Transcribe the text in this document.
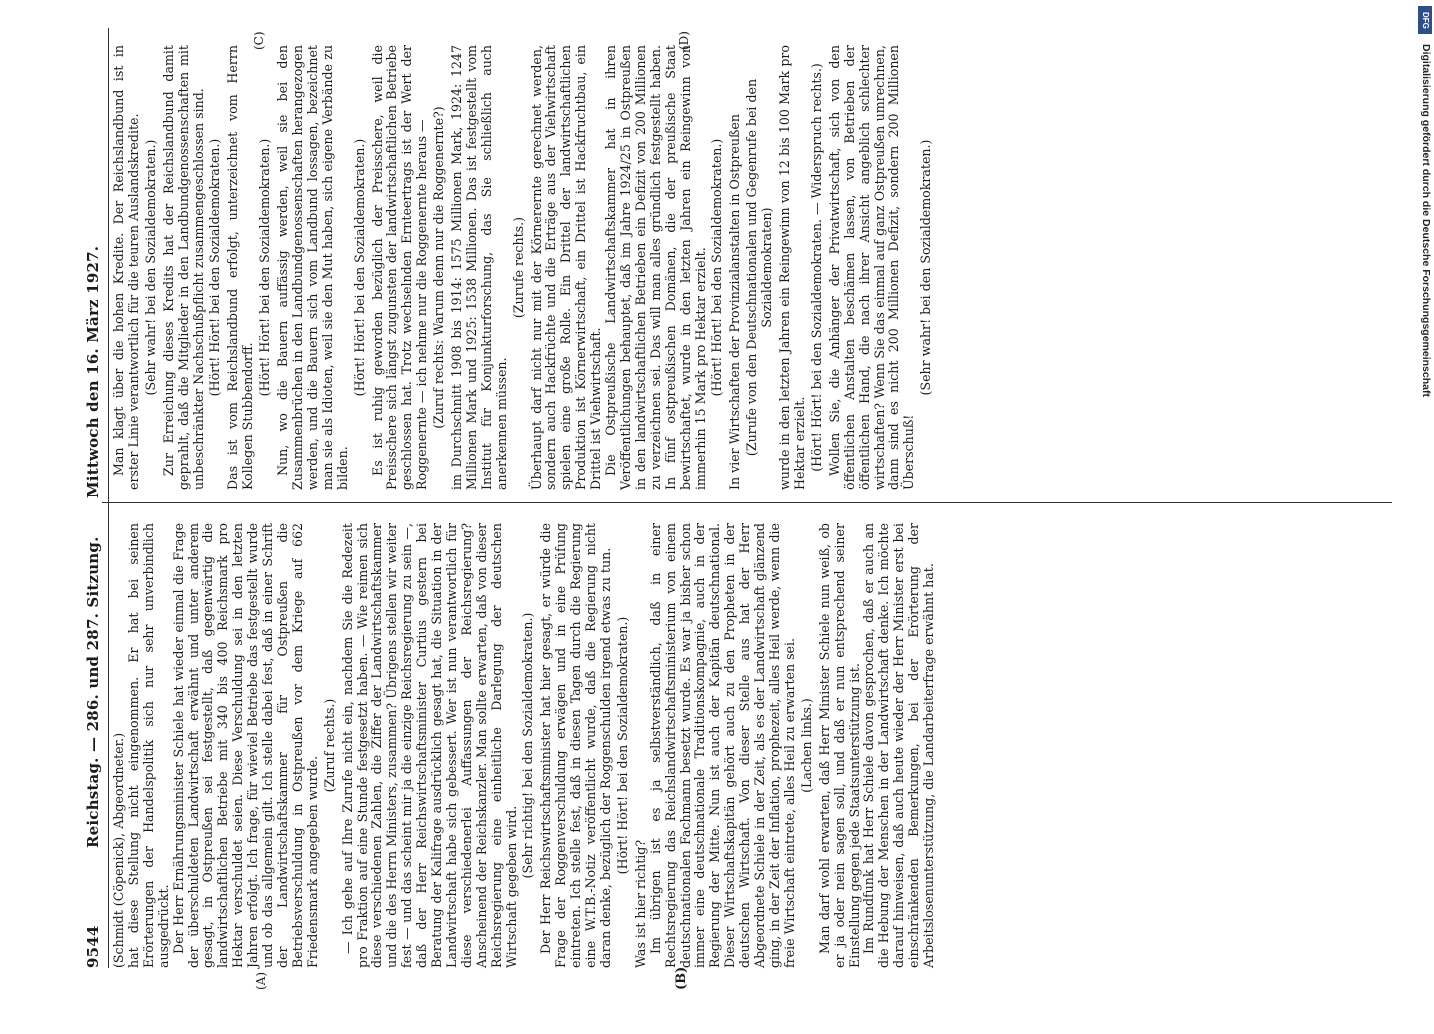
9544
Reichstag. — 286. und 287. Sitzung.
Mittwoch den 16. März 1927.
(A)	(B)
(C)	(D)

(Schmidt (Cöpenick), Abgeordneter.) hat diese Stellung nicht eingenommen. Er hat bei seinen Erörterungen der Handelspolitik sich nur sehr unverbindlich ausgedrückt. Der Herr Ernährungsminister Schiele hat wieder einmal die Frage der überschuldeten Landwirtschaft erwähnt und unter anderem gesagt, in Ostpreußen sei festgestellt, daß gegenwärtig die landwirtschaftlichen Betriebe mit 340 bis 400 Reichsmark pro Hektar verschuldet seien. Diese Verschuldung sei in den letzten Jahren erfolgt. Ich frage, für wieviel Betriebe das festgestellt wurde und ob das allgemein gilt. Ich stelle dabei fest, daß in einer Schrift der Landwirtschaftskammer für Ostpreußen die Betriebsverschuldung in Ostpreußen vor dem Kriege auf 662 Friedensmark angegeben wurde.

(Zuruf rechts.) — Ich gehe auf Ihre Zurufe nicht ein, nachdem Sie die Redezeit pro Fraktion auf eine Stunde festgesetzt haben. — Wie reimen sich diese verschiedenen Zahlen, die Ziffer der Landwirtschaftskammer und die des Herrn Ministers, zusammen? Übrigens stellen wir weiter fest — und das scheint mir ja die einzige Reichsregierung zu sein —, daß der Herr Reichswirtschaftsminister Curtius gestern bei Beratung der Kalifrage ausdrücklich gesagt hat, die Situation in der Landwirtschaft habe sich gebessert. Wer ist nun verantwortlich für diese verschiedenerlei Auffassungen der Reichsregierung? Anscheinend der Reichskanzler. Man sollte erwarten, daß von dieser Reichsregierung eine einheitliche Darlegung der deutschen Wirtschaft gegeben wird.

(Sehr richtig! bei den Sozialdemokraten.) Der Herr Reichswirtschaftsminister hat hier gesagt, er würde die Frage der Roggenverschuldung erwägen und in eine Prüfung eintreten. Ich stelle fest, daß in diesen Tagen durch die Regierung eine W.T.B.-Notiz veröffentlicht wurde, daß die Regierung nicht daran denke, bezüglich der Roggenschulden irgend etwas zu tun. (Hört! Hört! bei den Sozialdemokraten.)

Was ist hier richtig? Im übrigen ist es ja selbstverständlich, daß in einer Rechtsregierung das Reichslandwirtschaftsministerium von einem deutschnationalen Fachmann besetzt wurde. Es war ja bisher schon immer eine deutschnationale Traditionskompagnie, auch in der Regierung der Mitte. Nun ist auch der Kapitän deutschnational. Dieser Wirtschaftskapitän gehört auch zu den Propheten in der deutschen Wirtschaft. Von dieser Stelle aus hat der Herr Abgeordnete Schiele in der Zeit, als es der Landwirtschaft glänzend ging, in der Zeit der Inflation, prophezeit, alles Heil werde, wenn die freie Wirtschaft eintrete, alles Heil zu erwarten sei. (Lachen links.) Man darf wohl erwarten, daß Herr Minister Schiele nun weiß, ob er ja oder nein sagen soll, und daß er nun entsprechend seiner Einstellung gegen jede Staatsunterstützung ist. Im Rundfunk hat Herr Schiele davon gesprochen, daß er auch an die Hebung der Menschen in der Landwirtschaft denke. Ich möchte darauf hinweisen, daß auch heute wieder der Herr Minister erst bei einschränkenden Bemerkungen, bei der Erörterung der Arbeitslosenunterstützung, die Landarbeiterfrage erwähnt hat.

Man klagt über die hohen Kredite. Der Reichslandbund ist in erster Linie verantwortlich für die teuren Auslandskredite. (Sehr wahr! bei den Sozialdemokraten.) Zur Erreichung dieses Kredits hat der Reichslandbund damit geprahlt, daß die Mitglieder in den Landbundgenossenschaften mit unbeschränkter Nachschußpflicht zusammengeschlossen sind. (Hört! Hört! bei den Sozialdemokraten.) Das ist vom Reichslandbund erfolgt, unterzeichnet vom Herrn Kollegen Stubbendorff.

(Hört! Hört! bei den Sozialdemokraten.) Nun, wo die Bauern auffässig werden, weil sie bei den Zusammenbrüchen in den Landbundgenossenschaften herangezogen werden, und die Bauern sich vom Landbund lossagen, bezeichnet man sie als Idioten, weil sie den Mut haben, sich eigene Verbände zu bilden.

(Hört! Hört! bei den Sozialdemokraten.) Es ist ruhig geworden bezüglich der Preisschere, weil die Preisschere sich längst zugunsten der landwirtschaftlichen Betriebe geschlossen hat. Trotz wechselnden Ernteertrags ist der Wert der Roggenernte — ich nehme nur die Roggenernte heraus — (Zuruf rechts: Warum denn nur die Roggenernte?) im Durchschnitt 1908 bis 1914: 1575 Millionen Mark, 1924: 1247 Millionen Mark und 1925: 1538 Millionen. Das ist festgestellt vom Institut für Konjunkturforschung, das Sie schließlich auch anerkennen müssen.

(Zurufe rechts.) Überhaupt darf nicht nur mit der Körnerernte gerechnet werden, sondern auch Hackfrüchte und die Erträge aus der Viehwirtschaft spielen eine große Rolle. Ein Drittel der landwirtschaftlichen Produktion ist Körnerwirtschaft, ein Drittel ist Hackfruchtbau, ein Drittel ist Viehwirtschaft. Die Ostpreußische Landwirtschaftskammer hat in ihren Veröffentlichungen behauptet, daß im Jahre 1924/25 in Ostpreußen in den landwirtschaftlichen Betrieben ein Defizit von 200 Millionen zu verzeichnen sei. Das will man alles gründlich festgestellt haben. In fünf ostpreußischen Domänen, die der preußische Staat bewirtschaftet, wurde in den letzten Jahren ein Reingewinn von immerhin 15 Mark pro Hektar erzielt. (Hört! Hört! bei den Sozialdemokraten.) In vier Wirtschaften der Provinzialanstalten in Ostpreußen (Zurufe von den Deutschnationalen und Gegenrufe bei den Sozialdemokraten) wurde in den letzten Jahren ein Reingewinn von 12 bis 100 Mark pro Hektar erzielt. (Hört! Hört! bei den Sozialdemokraten. — Widerspruch rechts.) Wollen Sie, die Anhänger der Privatwirtschaft, sich von den öffentlichen Anstalten beschämen lassen, von Betrieben der öffentlichen Hand, die nach ihrer Ansicht angeblich schlechter wirtschaften? Wenn Sie das einmal auf ganz Ostpreußen umrechnen, dann sind es nicht 200 Millionen Defizit, sondern 200 Millionen Überschuß!

(Sehr wahr! bei den Sozialdemokraten.)

DFG
Digitalisierung gefördert durch die Deutsche Forschungsgemeinschaft
